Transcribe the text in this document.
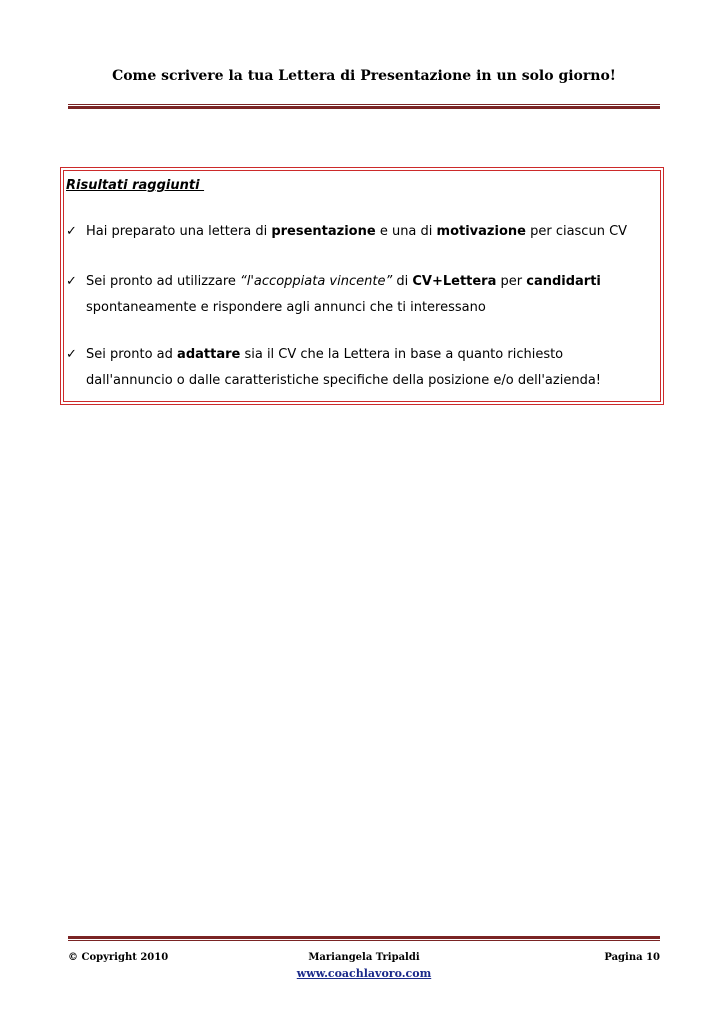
Come scrivere la tua Lettera di Presentazione in un solo giorno!
Risultati raggiunti
✓ Hai preparato una lettera di presentazione e una di motivazione per ciascun CV
✓ Sei pronto ad utilizzare “l'accoppiata vincente” di CV+Lettera per candidarti
spontaneamente e rispondere agli annunci che ti interessano
✓ Sei pronto ad adattare sia il CV che la Lettera in base a quanto richiesto
dall'annuncio o dalle caratteristiche specifiche della posizione e/o dell'azienda!
© Copyright 2010	Mariangela Tripaldi
www.coachlavoro.com
Pagina 10
